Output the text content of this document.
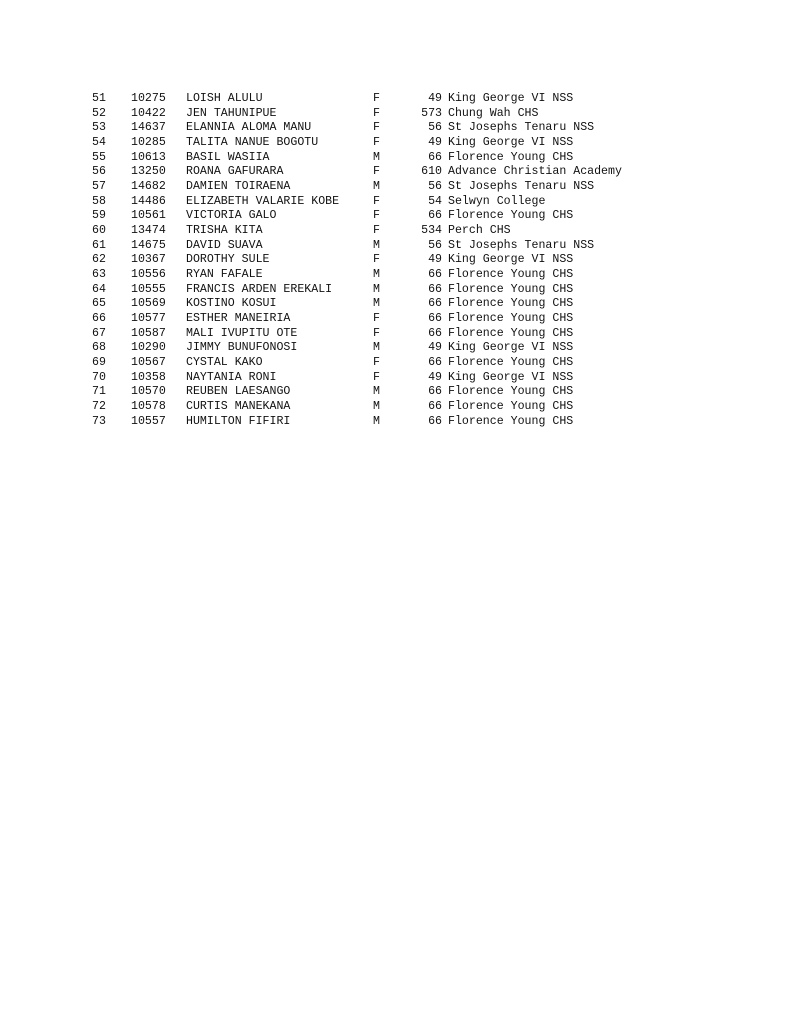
51 10275 LOISH ALULU	F	49 King George VI NSS
52 10422 JEN TAHUNIPUE	F	573 Chung Wah CHS
53 14637 ELANNIA ALOMA MANU	F	56 St Josephs Tenaru NSS
54 10285 TALITA NANUE BOGOTU	F	49 King George VI NSS
55 10613 BASIL WASIIA	M	66 Florence Young CHS
56 13250 ROANA GAFURARA	F	610 Advance Christian Academy
57 14682 DAMIEN TOIRAENA	M	56 St Josephs Tenaru NSS
58 14486 ELIZABETH VALARIE KOBE	F	54 Selwyn College
59 10561 VICTORIA GALO	F	66 Florence Young CHS
60 13474 TRISHA KITA	F	534 Perch CHS
61 14675 DAVID SUAVA	M	56 St Josephs Tenaru NSS
62 10367 DOROTHY SULE	F	49 King George VI NSS
63 10556 RYAN FAFALE	M	66 Florence Young CHS
64 10555 FRANCIS ARDEN EREKALI	M	66 Florence Young CHS
65 10569 KOSTINO KOSUI	M	66 Florence Young CHS
66 10577 ESTHER MANEIRIA	F	66 Florence Young CHS
67 10587 MALI IVUPITU OTE	F	66 Florence Young CHS
68 10290 JIMMY BUNUFONOSI	M	49 King George VI NSS
69 10567 CYSTAL KAKO	F	66 Florence Young CHS
70 10358 NAYTANIA RONI	F	49 King George VI NSS
71 10570 REUBEN LAESANGO	M	66 Florence Young CHS
72 10578 CURTIS MANEKANA	M	66 Florence Young CHS
73 10557 HUMILTON FIFIRI	M	66 Florence Young CHS
